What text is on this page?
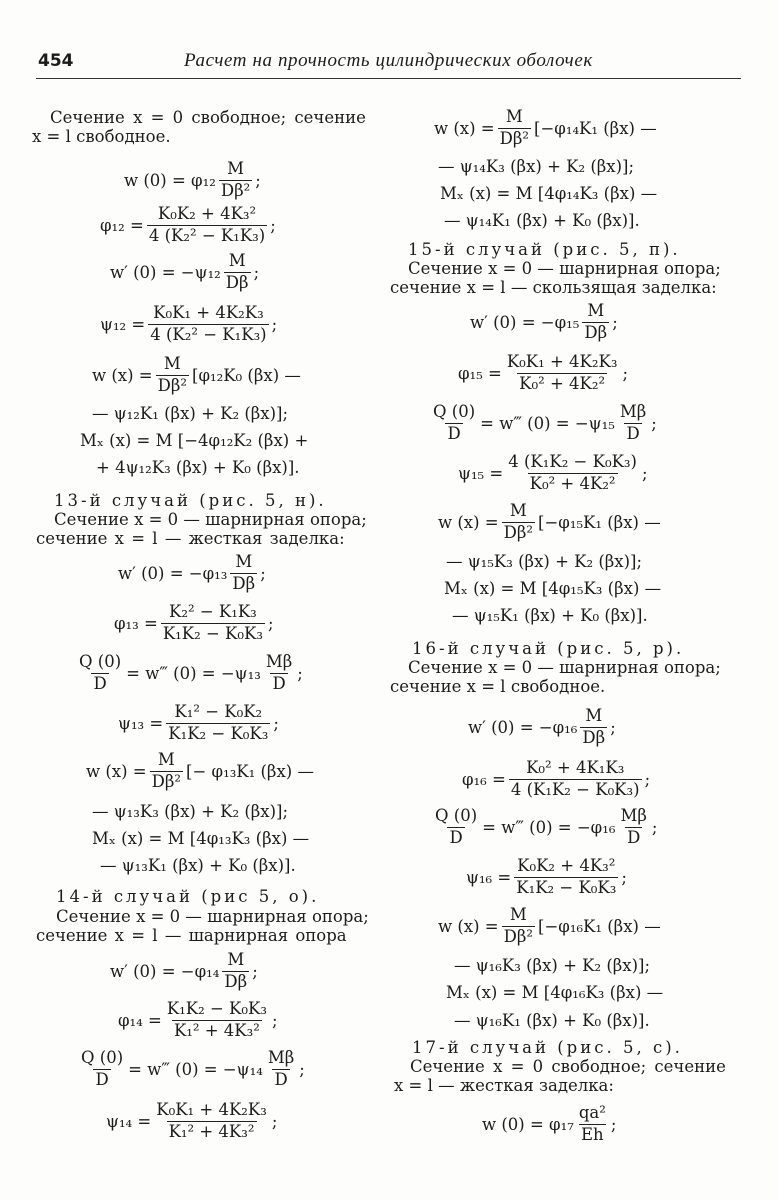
454	Расчет на прочность цилиндрических оболочек
Сечение x = 0 свободное; сечение
x = l свободное.
w $(0) = \varphi_{12} \frac{M}{\text{Dβ²}}$ ;
$\varphi_{12} = \frac{\text{K₀K₂ + 4K₃²}}{\text{4 (K₂² − K₁K₃)}}$ ;
w′ $(0) = -\psi_{12} \frac{M}{D\beta}$ ;
$\psi_{12} = \frac{\text{K₀K₁ + 4K₂K₃}}{\text{4 (K₂² − K₁K₃)}}$ ;
w $(x) = \frac{M}{\text{Dβ²}} [\varphi_{12}K_0$ (βx) —
— ψ₁₂K₁ (βx) + K₂ (βx)];
Mₓ (x) = M [−4φ₁₂K₂ (βx) +
+ 4ψ₁₂K₃ (βx) + K₀ (βx)].
13-й случай (рис. 5, н).
Сечение x = 0 — шарнирная опора;
сечение x = l — жесткая заделка:
w′ $(0) = -\varphi_{13} \frac{M}{D\beta}$ ;
$\varphi_{13} = \frac{\text{K₂² − K₁K₃}}{\text{K₁K₂ − K₀K₃}}$ ;
$\frac{Q (0)}{D}$ = w‴ $(0) = -\psi_{13} \frac{M\beta}{D}$ ;
$\psi_{13} = \frac{\text{K₁² − K₀K₂}}{\text{K₁K₂ − K₀K₃}}$ ;
w $(x) = \frac{M}{\text{Dβ²}}$ [− φ₁₃K₁ (βx) —
— ψ₁₃K₃ (βx) + K₂ (βx)];
Mₓ (x) = M [4φ₁₃K₃ (βx) —
— ψ₁₃K₁ (βx) + K₀ (βx)].
14-й случай (рис 5, о).
Сечение x = 0 — шарнирная опора;
сечение x = l — шарнирная опора
w′ $(0) = -\varphi_{14} \frac{M}{D\beta}$ ;
$\varphi_{14} = \frac{\text{K₁K₂ − K₀K₃}}{\text{K₁² + 4K₃²}}$ ;
$\frac{Q (0)}{D}$ = w‴ $(0) = -\psi_{14} \frac{M\beta}{D}$ ;
$\psi_{14} = \frac{\text{K₀K₁ + 4K₂K₃}}{\text{K₁² + 4K₃²}}$ ;
w $(x) = \frac{M}{\text{Dβ²}} [-\varphi_{14}K_1$ (βx) —
— ψ₁₄K₃ (βx) + K₂ (βx)];
Mₓ (x) = M [4φ₁₄K₃ (βx) —
— ψ₁₄K₁ (βx) + K₀ (βx)].
15-й случай (рис. 5, п).
Сечение x = 0 — шарнирная опора;
сечение x = l — скользящая заделка:
w′ $(0) = -\varphi_{15} \frac{M}{D\beta}$ ;
$\varphi_{15} = \frac{\text{K₀K₁ + 4K₂K₃}}{\text{K₀² + 4K₂²}}$ ;
$\frac{Q (0)}{D}$ = w‴ $(0) = -\psi_{15} \frac{M\beta}{D}$ ;
$\psi_{15} = \frac{\text{4 (K₁K₂ − K₀K₃)}}{\text{K₀² + 4K₂²}}$ ;
w $(x) = \frac{M}{\text{Dβ²}} [-\varphi_{15}K_1$ (βx) —
— ψ₁₅K₃ (βx) + K₂ (βx)];
Mₓ (x) = M [4φ₁₅K₃ (βx) —
— ψ₁₅K₁ (βx) + K₀ (βx)].
16-й случай (рис. 5, р).
Сечение x = 0 — шарнирная опора;
сечение x = l свободное.
w′ $(0) = -\varphi_{16} \frac{M}{D\beta}$ ;
$\varphi_{16} = \frac{\text{K₀² + 4K₁K₃}}{\text{4 (K₁K₂ − K₀K₃)}}$ ;
$\frac{Q (0)}{D}$ = w‴ $(0) = -\varphi_{16} \frac{M\beta}{D}$ ;
$\psi_{16} = \frac{\text{K₀K₂ + 4K₃²}}{\text{K₁K₂ − K₀K₃}}$ ;
w $(x) = \frac{M}{\text{Dβ²}} [-\varphi_{16}K_1$ (βx) —
— ψ₁₆K₃ (βx) + K₂ (βx)];
Mₓ (x) = M [4φ₁₆K₃ (βx) —
— ψ₁₆K₁ (βx) + K₀ (βx)].
17-й случай (рис. 5, с).
Сечение x = 0 свободное; сечение
x = l — жесткая заделка:
w $(0) = \varphi_{17} \frac{\text{qa²}}{Eh}$ ;
